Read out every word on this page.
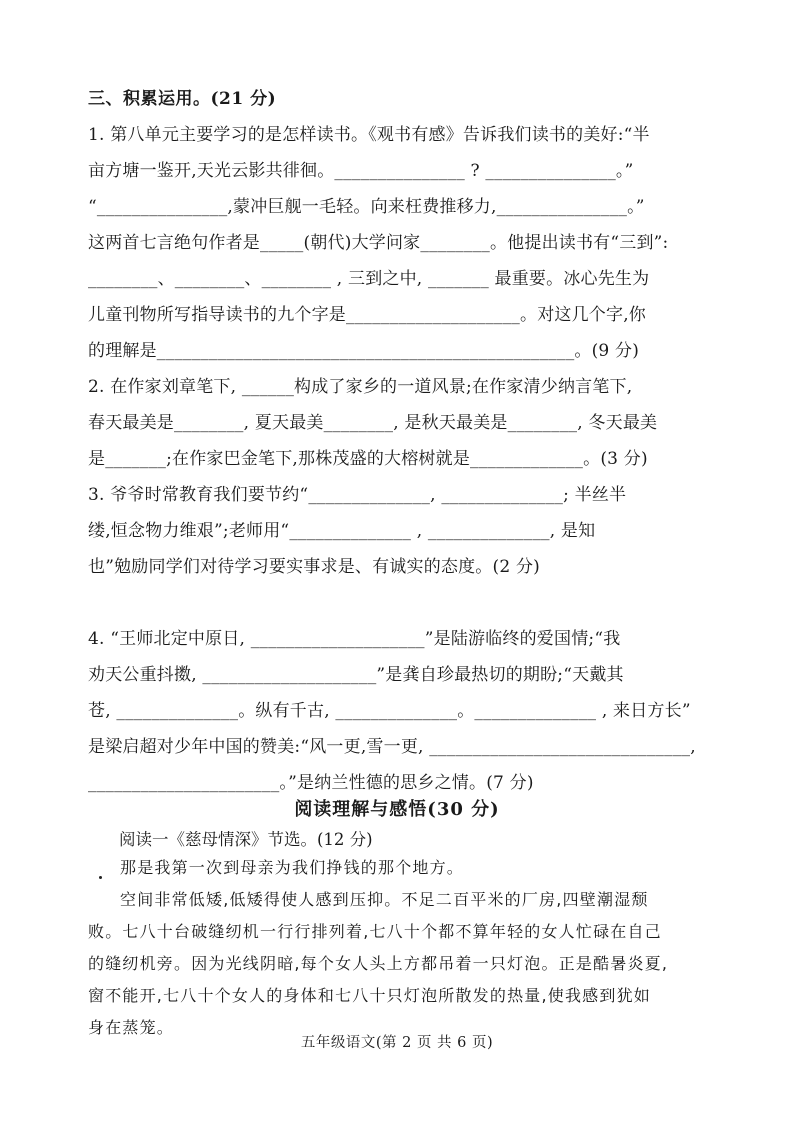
三、积累运用。(21 分)
1. 第八单元主要学习的是怎样读书。《观书有感》告诉我们读书的美好:“半
亩方塘一鉴开,天光云影共徘徊。_______________ ? _______________。”
“_______________,蒙冲巨舰一毛轻。向来枉费推移力,_______________。”
这两首七言绝句作者是_____(朝代)大学问家________。他提出读书有“三到”:
________、________、________ , 三到之中, _______ 最重要。冰心先生为
儿童刊物所写指导读书的九个字是____________________。对这几个字,你
的理解是________________________________________________。(9 分)
2. 在作家刘章笔下, ______构成了家乡的一道风景;在作家清少纳言笔下,
春天最美是________, 夏天最美________, 是秋天最美是________, 冬天最美
是_______;在作家巴金笔下,那株茂盛的大榕树就是_____________。(3 分)
3. 爷爷时常教育我们要节约“______________, ______________; 半丝半
缕,恒念物力维艰”;老师用“______________ , ______________, 是知
也”勉励同学们对待学习要实事求是、有诚实的态度。(2 分)
4. “王师北定中原日, ____________________”是陆游临终的爱国情;“我
劝天公重抖擞, ____________________”是龚自珍最热切的期盼;“天戴其
苍, ______________。纵有千古, ______________。______________ , 来日方长”
是梁启超对少年中国的赞美:“风一更,雪一更, ______________________________,
______________________。”是纳兰性德的思乡之情。(7 分)
阅读理解与感悟(30 分)
阅读一《慈母情深》节选。(12 分)
那是我第一次到母亲为我们挣钱的那个地方。
空间非常低矮,低矮得使人感到压抑。不足二百平米的厂房,四壁潮湿颓
败。七八十台破缝纫机一行行排列着,七八十个都不算年轻的女人忙碌在自己
的缝纫机旁。因为光线阴暗,每个女人头上方都吊着一只灯泡。正是酷暑炎夏,
窗不能开,七八十个女人的身体和七八十只灯泡所散发的热量,使我感到犹如
身在蒸笼。
五年级语文(第 2 页 共 6 页)
